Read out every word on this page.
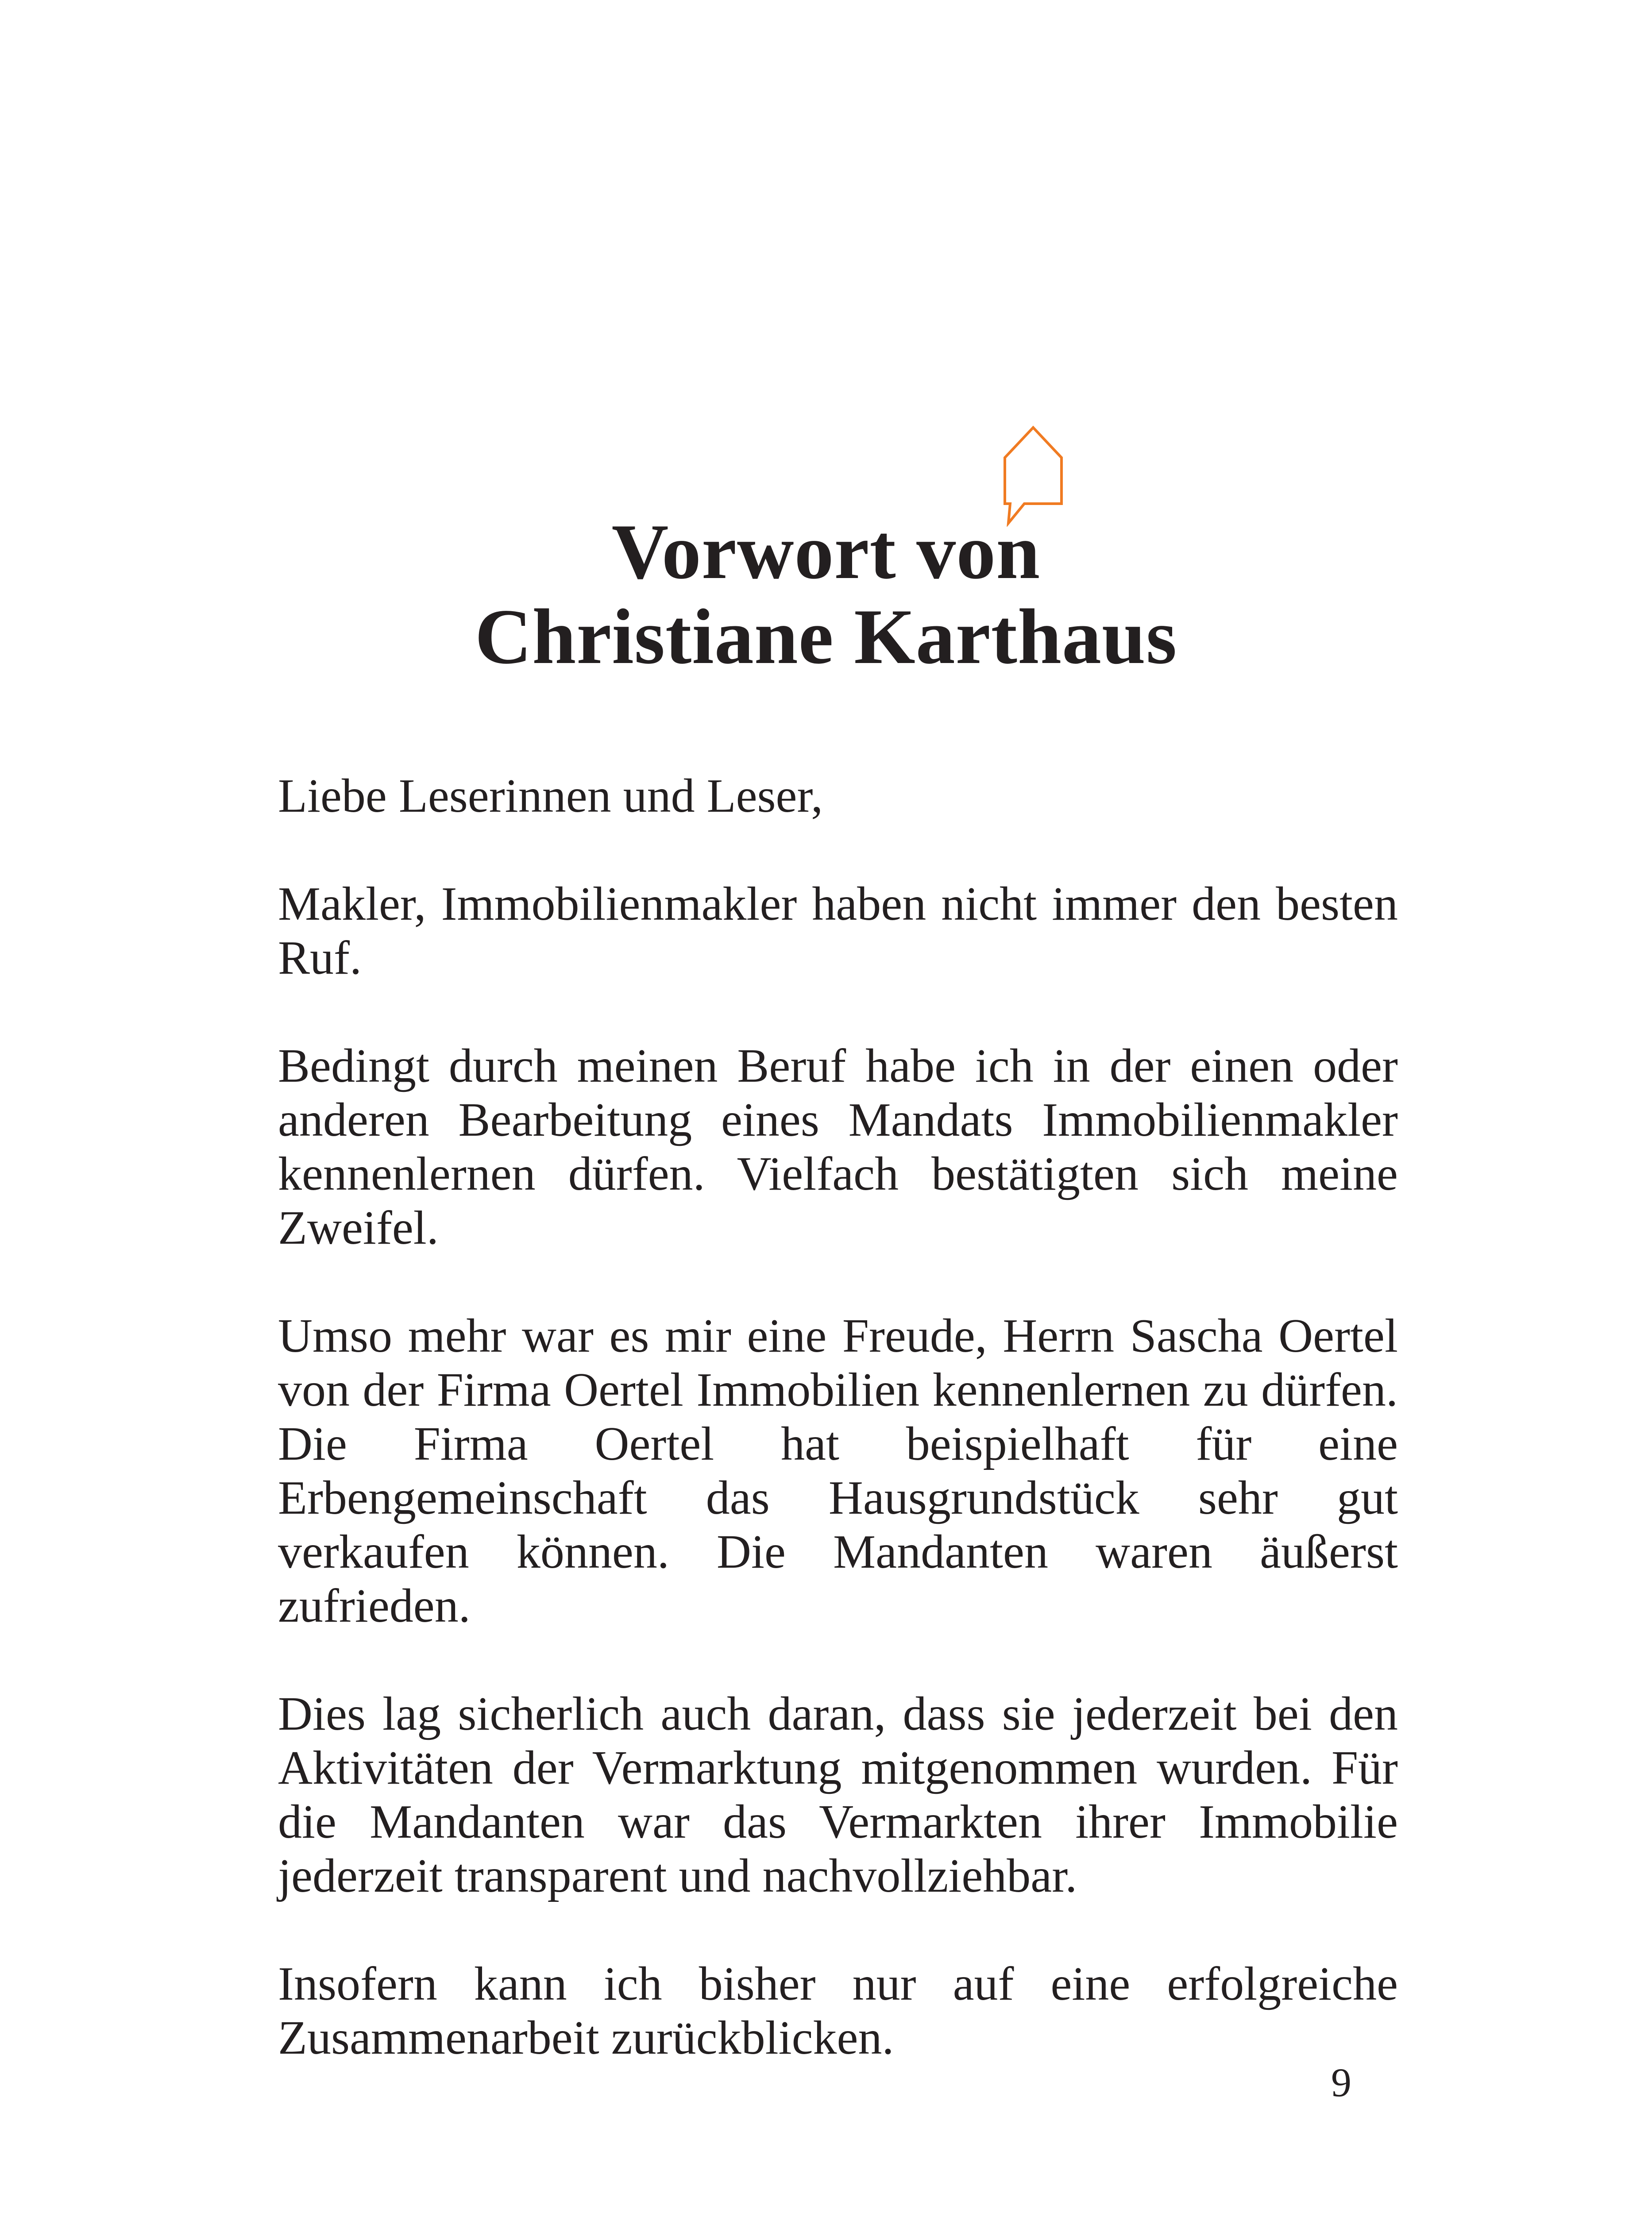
Vorwort von
Christiane Karthaus

Liebe Leserinnen und Leser,

Makler, Immobilienmakler haben nicht immer den besten Ruf.

Bedingt durch meinen Beruf habe ich in der einen oder anderen Bearbeitung eines Mandats Immobilienmakler kennenlernen dürfen. Vielfach bestätigten sich meine Zweifel.

Umso mehr war es mir eine Freude, Herrn Sascha Oertel von der Firma Oertel Immobilien kennenlernen zu dürfen. Die Firma Oertel hat beispielhaft für eine Erbengemeinschaft das Hausgrundstück sehr gut verkaufen können. Die Mandanten waren äußerst zufrieden.

Dies lag sicherlich auch daran, dass sie jederzeit bei den Aktivitäten der Vermarktung mitgenommen wurden. Für die Mandanten war das Vermarkten ihrer Immobilie jederzeit transparent und nachvollziehbar.

Insofern kann ich bisher nur auf eine erfolgreiche Zusammenarbeit zurückblicken.

9
